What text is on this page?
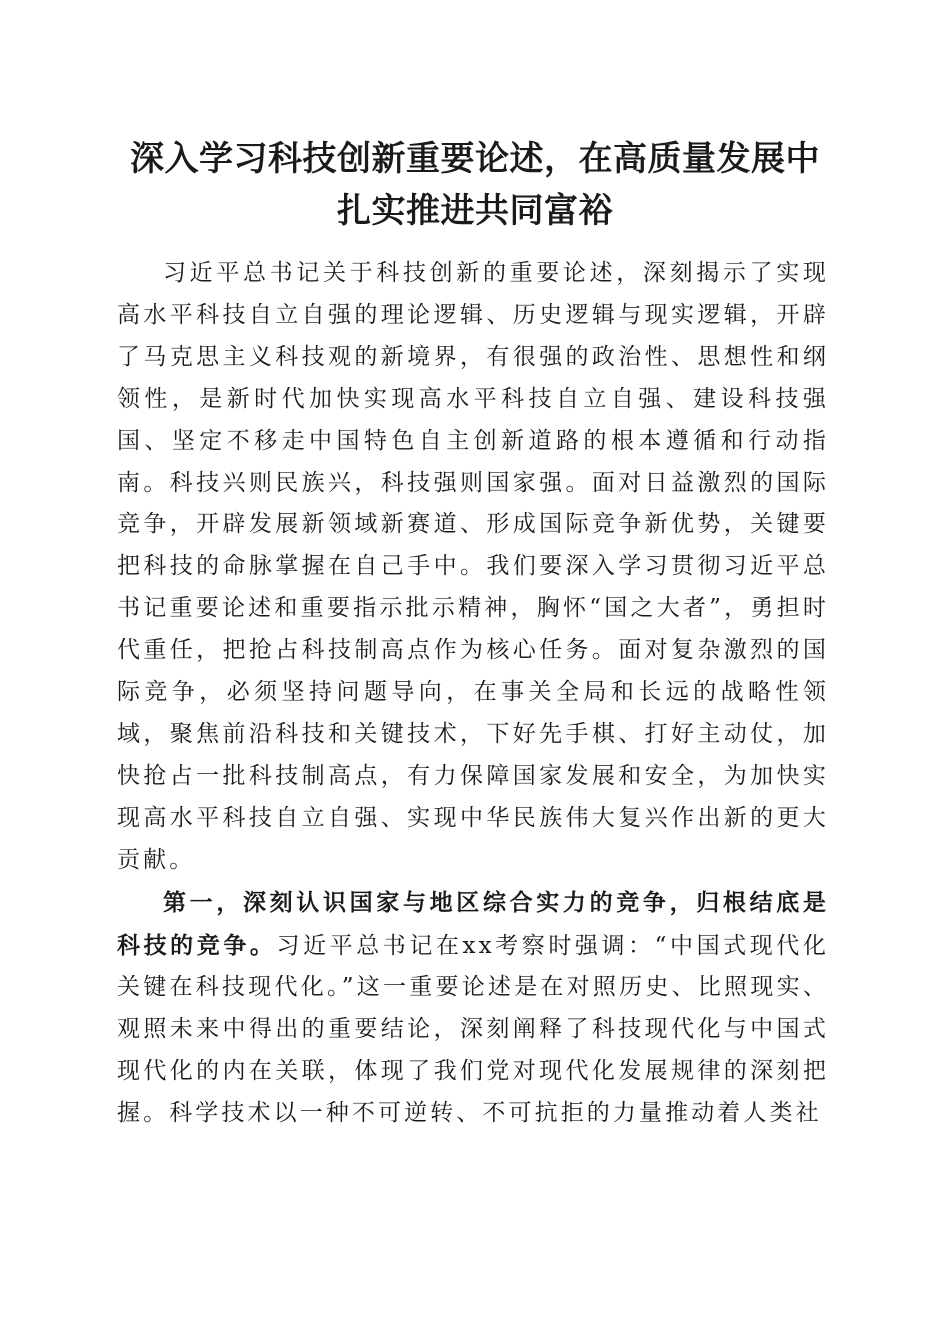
深入学习科技创新重要论述，在高质量发展中
扎实推进共同富裕

习近平总书记关于科技创新的重要论述，深刻揭示了实现高水平科技自立自强的理论逻辑、历史逻辑与现实逻辑，开辟了马克思主义科技观的新境界，有很强的政治性、思想性和纲领性，是新时代加快实现高水平科技自立自强、建设科技强国、坚定不移走中国特色自主创新道路的根本遵循和行动指南。科技兴则民族兴，科技强则国家强。面对日益激烈的国际竞争，开辟发展新领域新赛道、形成国际竞争新优势，关键要把科技的命脉掌握在自己手中。我们要深入学习贯彻习近平总书记重要论述和重要指示批示精神，胸怀“国之大者”，勇担时代重任，把抢占科技制高点作为核心任务。面对复杂激烈的国际竞争，必须坚持问题导向，在事关全局和长远的战略性领域，聚焦前沿科技和关键技术，下好先手棋、打好主动仗，加快抢占一批科技制高点，有力保障国家发展和安全，为加快实现高水平科技自立自强、实现中华民族伟大复兴作出新的更大贡献。

第一，深刻认识国家与地区综合实力的竞争，归根结底是科技的竞争。习近平总书记在xx考察时强调：“中国式现代化关键在科技现代化。”这一重要论述是在对照历史、比照现实、观照未来中得出的重要结论，深刻阐释了科技现代化与中国式现代化的内在关联，体现了我们党对现代化发展规律的深刻把握。科学技术以一种不可逆转、不可抗拒的力量推动着人类社
